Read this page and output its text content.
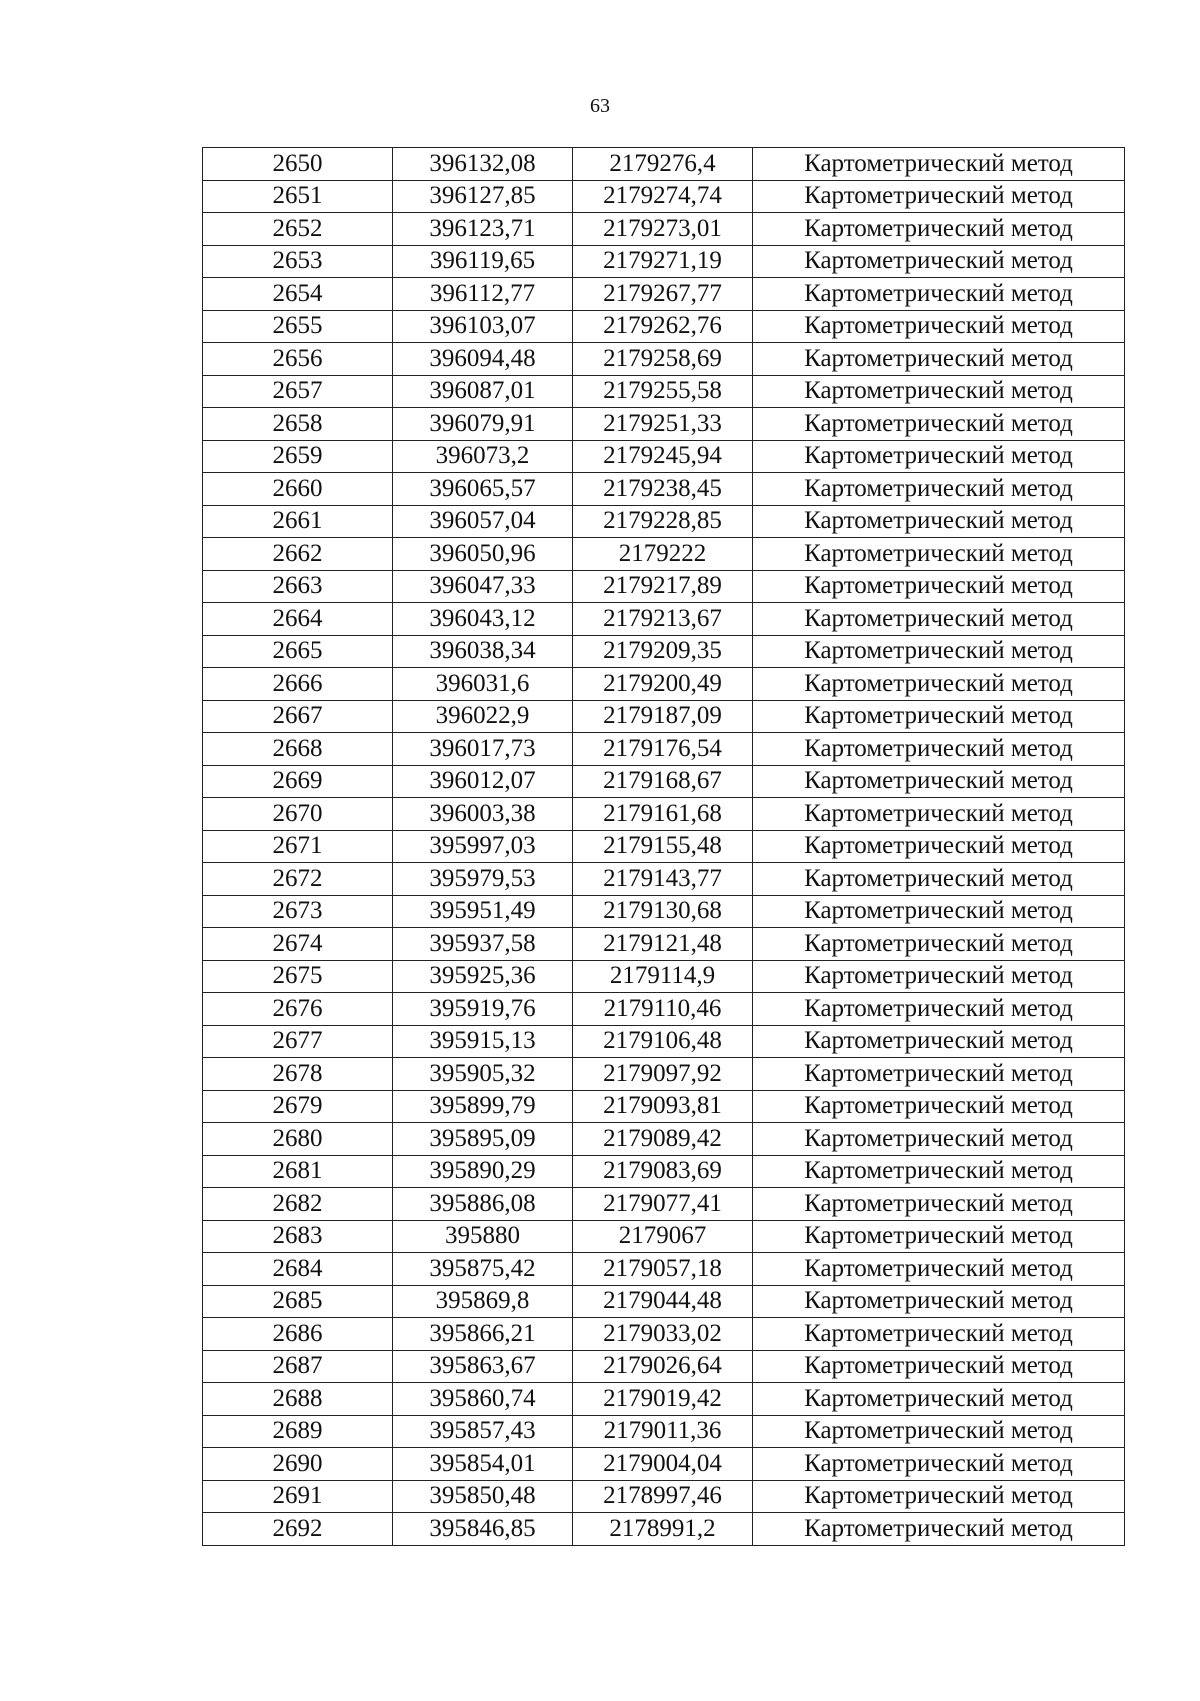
63
2650	396132,08	2179276,4	Картометрический метод
2651	396127,85	2179274,74	Картометрический метод
2652	396123,71	2179273,01	Картометрический метод
2653	396119,65	2179271,19	Картометрический метод
2654	396112,77	2179267,77	Картометрический метод
2655	396103,07	2179262,76	Картометрический метод
2656	396094,48	2179258,69	Картометрический метод
2657	396087,01	2179255,58	Картометрический метод
2658	396079,91	2179251,33	Картометрический метод
2659	396073,2	2179245,94	Картометрический метод
2660	396065,57	2179238,45	Картометрический метод
2661	396057,04	2179228,85	Картометрический метод
2662	396050,96	2179222	Картометрический метод
2663	396047,33	2179217,89	Картометрический метод
2664	396043,12	2179213,67	Картометрический метод
2665	396038,34	2179209,35	Картометрический метод
2666	396031,6	2179200,49	Картометрический метод
2667	396022,9	2179187,09	Картометрический метод
2668	396017,73	2179176,54	Картометрический метод
2669	396012,07	2179168,67	Картометрический метод
2670	396003,38	2179161,68	Картометрический метод
2671	395997,03	2179155,48	Картометрический метод
2672	395979,53	2179143,77	Картометрический метод
2673	395951,49	2179130,68	Картометрический метод
2674	395937,58	2179121,48	Картометрический метод
2675	395925,36	2179114,9	Картометрический метод
2676	395919,76	2179110,46	Картометрический метод
2677	395915,13	2179106,48	Картометрический метод
2678	395905,32	2179097,92	Картометрический метод
2679	395899,79	2179093,81	Картометрический метод
2680	395895,09	2179089,42	Картометрический метод
2681	395890,29	2179083,69	Картометрический метод
2682	395886,08	2179077,41	Картометрический метод
2683	395880	2179067	Картометрический метод
2684	395875,42	2179057,18	Картометрический метод
2685	395869,8	2179044,48	Картометрический метод
2686	395866,21	2179033,02	Картометрический метод
2687	395863,67	2179026,64	Картометрический метод
2688	395860,74	2179019,42	Картометрический метод
2689	395857,43	2179011,36	Картометрический метод
2690	395854,01	2179004,04	Картометрический метод
2691	395850,48	2178997,46	Картометрический метод
2692	395846,85	2178991,2	Картометрический метод
